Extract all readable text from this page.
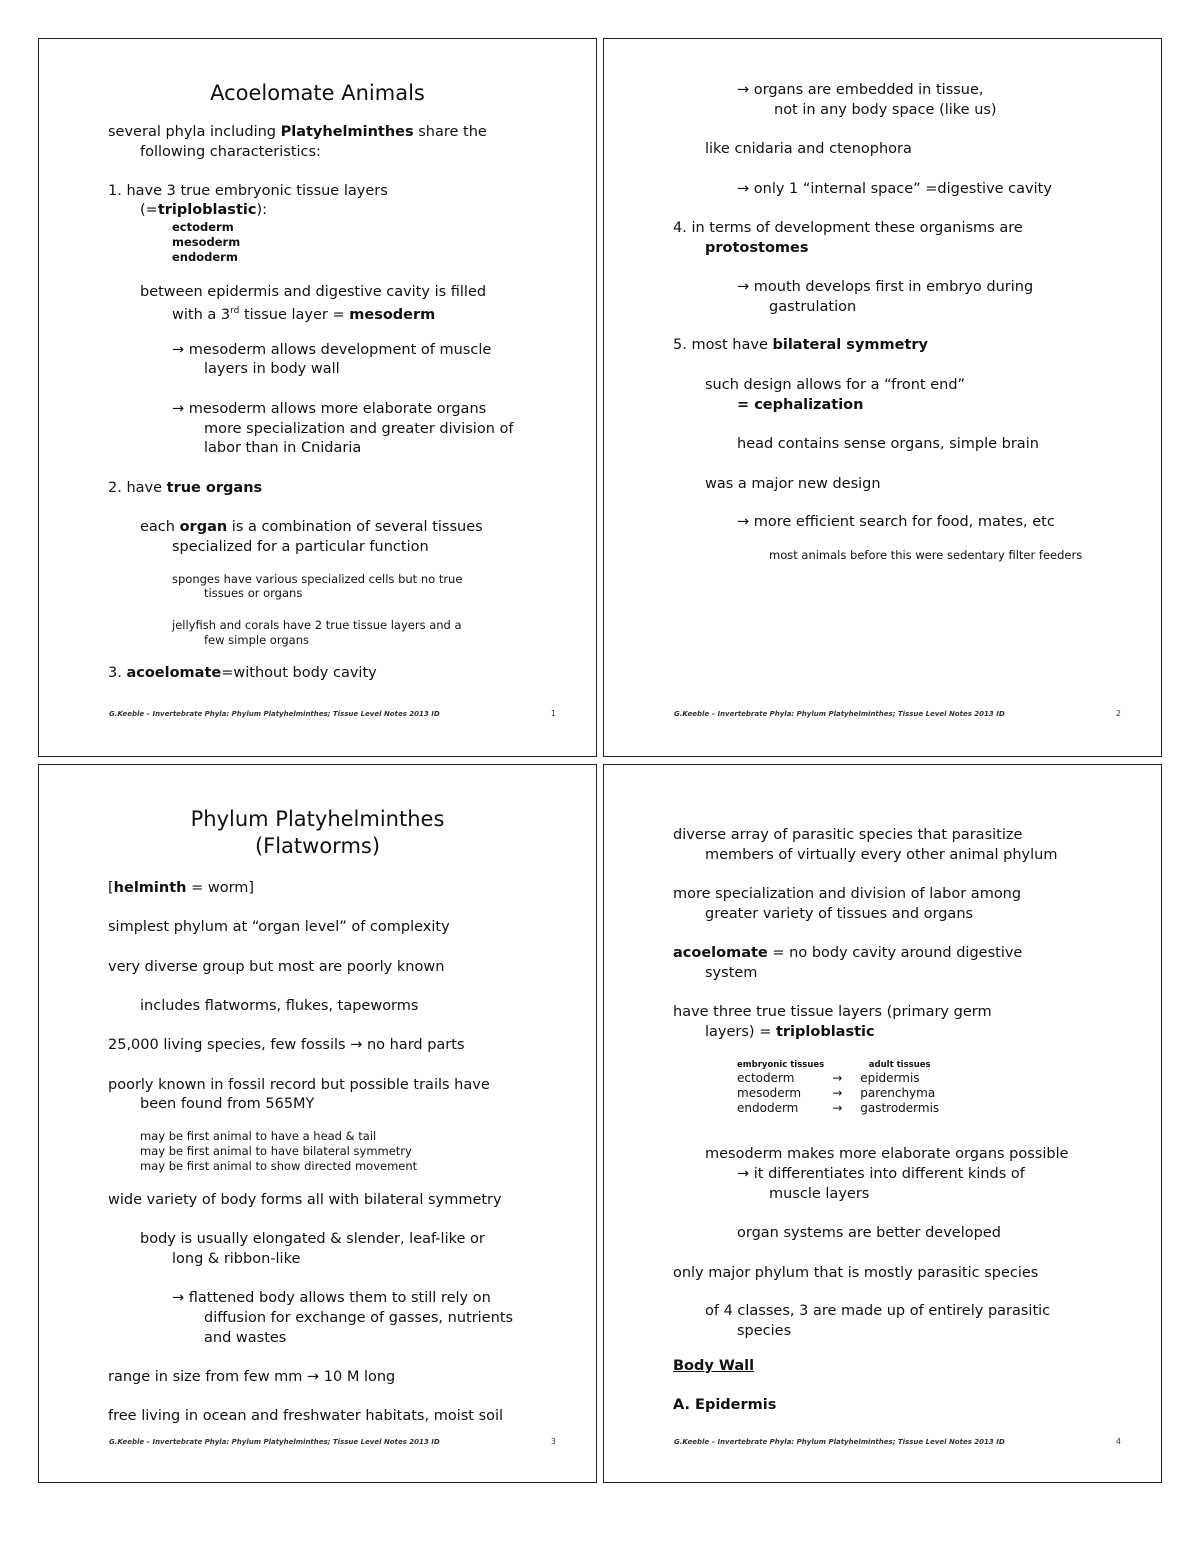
Acoelomate Animals
several phyla including Platyhelminthes share the
following characteristics:
1. have 3 true embryonic tissue layers
(=triploblastic):
ectoderm
mesoderm
endoderm
between epidermis and digestive cavity is filled
with a 3rd tissue layer = mesoderm
→ mesoderm allows development of muscle
layers in body wall
→ mesoderm allows more elaborate organs
more specialization and greater division of
labor than in Cnidaria
2. have true organs
each organ is a combination of several tissues
specialized for a particular function
sponges have various specialized cells but no true
tissues or organs
jellyfish and corals have 2 true tissue layers and a
few simple organs
3. acoelomate=without body cavity
G.Keeble – Invertebrate Phyla: Phylum Platyhelminthes; Tissue Level Notes 2013 ID	1
→ organs are embedded in tissue,
not in any body space (like us)
like cnidaria and ctenophora
→ only 1 “internal space” =digestive cavity
4. in terms of development these organisms are
protostomes
→ mouth develops first in embryo during
gastrulation
5. most have bilateral symmetry
such design allows for a “front end”
= cephalization
head contains sense organs, simple brain
was a major new design
→ more efficient search for food, mates, etc
most animals before this were sedentary filter feeders
G.Keeble – Invertebrate Phyla: Phylum Platyhelminthes; Tissue Level Notes 2013 ID	2
Phylum Platyhelminthes
(Flatworms)
[helminth = worm]
simplest phylum at “organ level” of complexity
very diverse group but most are poorly known
includes flatworms, flukes, tapeworms
25,000 living species, few fossils → no hard parts
poorly known in fossil record but possible trails have
been found from 565MY
may be first animal to have a head & tail
may be first animal to have bilateral symmetry
may be first animal to show directed movement
wide variety of body forms all with bilateral symmetry
body is usually elongated & slender, leaf-like or
long & ribbon-like
→ flattened body allows them to still rely on
diffusion for exchange of gasses, nutrients
and wastes
range in size from few mm → 10 M long
free living in ocean and freshwater habitats, moist soil
G.Keeble – Invertebrate Phyla: Phylum Platyhelminthes; Tissue Level Notes 2013 ID	3
diverse array of parasitic species that parasitize
members of virtually every other animal phylum
more specialization and division of labor among
greater variety of tissues and organs
acoelomate = no body cavity around digestive
system
have three true tissue layers (primary germ
layers) = triploblastic
embryonic tissues		adult tissues
ectoderm	→	epidermis
mesoderm	→	parenchyma
endoderm	→	gastrodermis
mesoderm makes more elaborate organs possible
→ it differentiates into different kinds of
muscle layers
organ systems are better developed
only major phylum that is mostly parasitic species
of 4 classes, 3 are made up of entirely parasitic
species
Body Wall
A. Epidermis
G.Keeble – Invertebrate Phyla: Phylum Platyhelminthes; Tissue Level Notes 2013 ID	4
